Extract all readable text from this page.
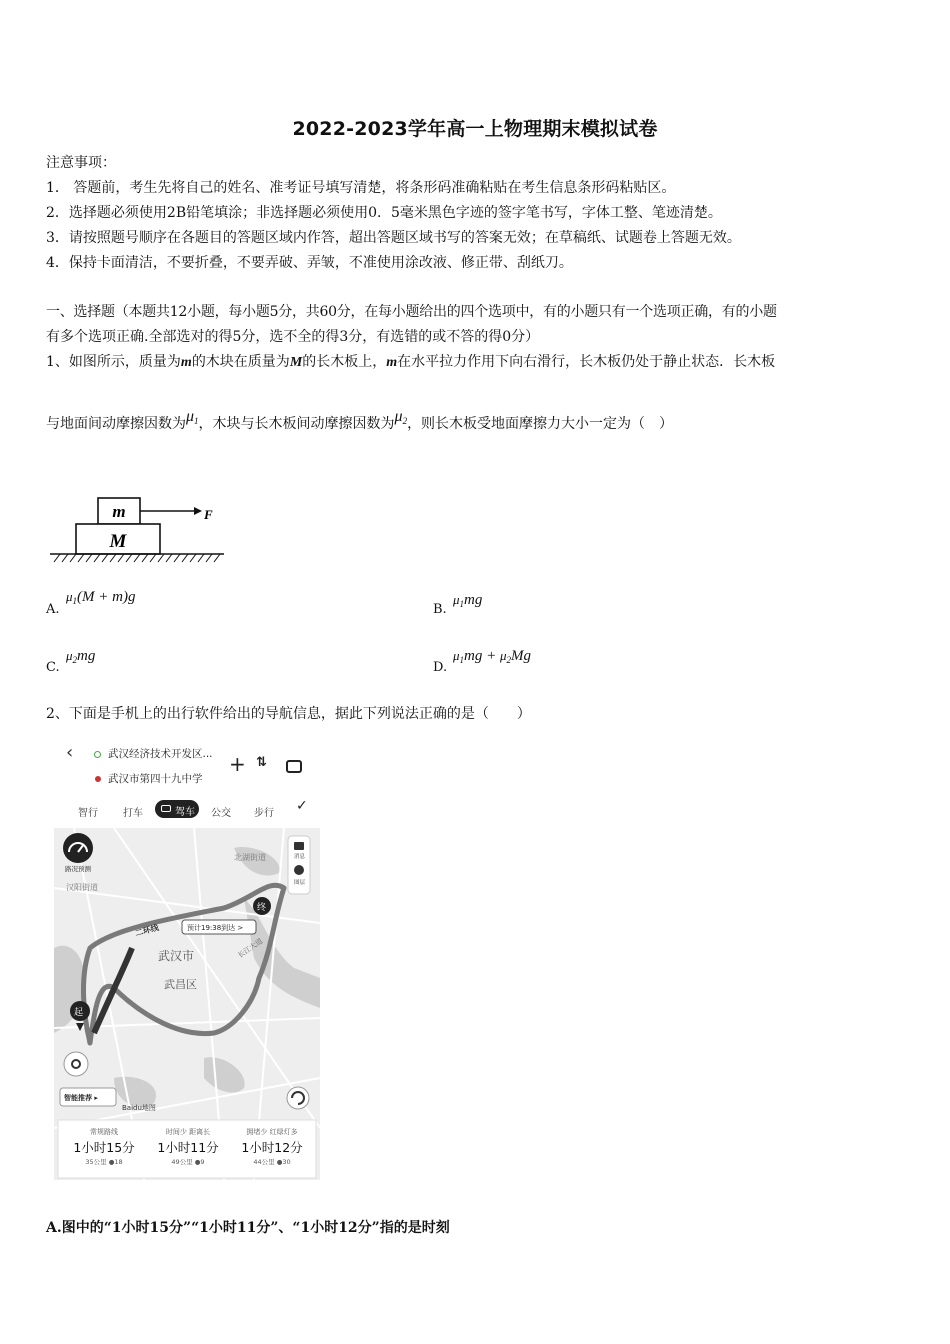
2022-2023学年高一上物理期末模拟试卷
注意事项：
1． 答题前，考生先将自己的姓名、准考证号填写清楚，将条形码准确粘贴在考生信息条形码粘贴区。
2．选择题必须使用2B铅笔填涂；非选择题必须使用0．5毫米黑色字迹的签字笔书写，字体工整、笔迹清楚。
3．请按照题号顺序在各题目的答题区域内作答，超出答题区域书写的答案无效；在草稿纸、试题卷上答题无效。
4．保持卡面清洁，不要折叠，不要弄破、弄皱，不准使用涂改液、修正带、刮纸刀。
一、选择题（本题共12小题，每小题5分，共60分，在每小题给出的四个选项中，有的小题只有一个选项正确，有的小题
有多个选项正确.全部选对的得5分，选不全的得3分，有选错的或不答的得0分）
1、如图所示，质量为m的木块在质量为M的长木板上，m在水平拉力作用下向右滑行，长木板仍处于静止状态．长木板
与地面间动摩擦因数为$\mu_1$，木块与长木板间动摩擦因数为$\mu_2$，则长木板受地面摩擦力大小一定为（　）
m
M
F
A.
$\mu_1(M + m)g$
B.
$\mu_1mg$
C.
$\mu_2mg$
D.
$\mu_1mg + \mu_2Mg$
2、下面是手机上的出行软件给出的导航信息，据此下列说法正确的是（　　）
‹	武汉经济技术开发区...
武汉市第四十九中学
+ ⇅
智行	打车	驾车 公交 步行 ✓
路况预测
消息
图层
汉阳街道
北湖街道
武汉市
武昌区
二环线
长江大道
预计19:38到达 >
终
起
智能推荐 ▸
Baidu地图
常规路线
1小时15分
35公里 ●18
时间少 距离长
1小时11分
49公里 ●9
拥堵少 红绿灯多
1小时12分
44公里 ●30
A.图中的“1小时15分”“1小时11分”、“1小时12分”指的是时刻
